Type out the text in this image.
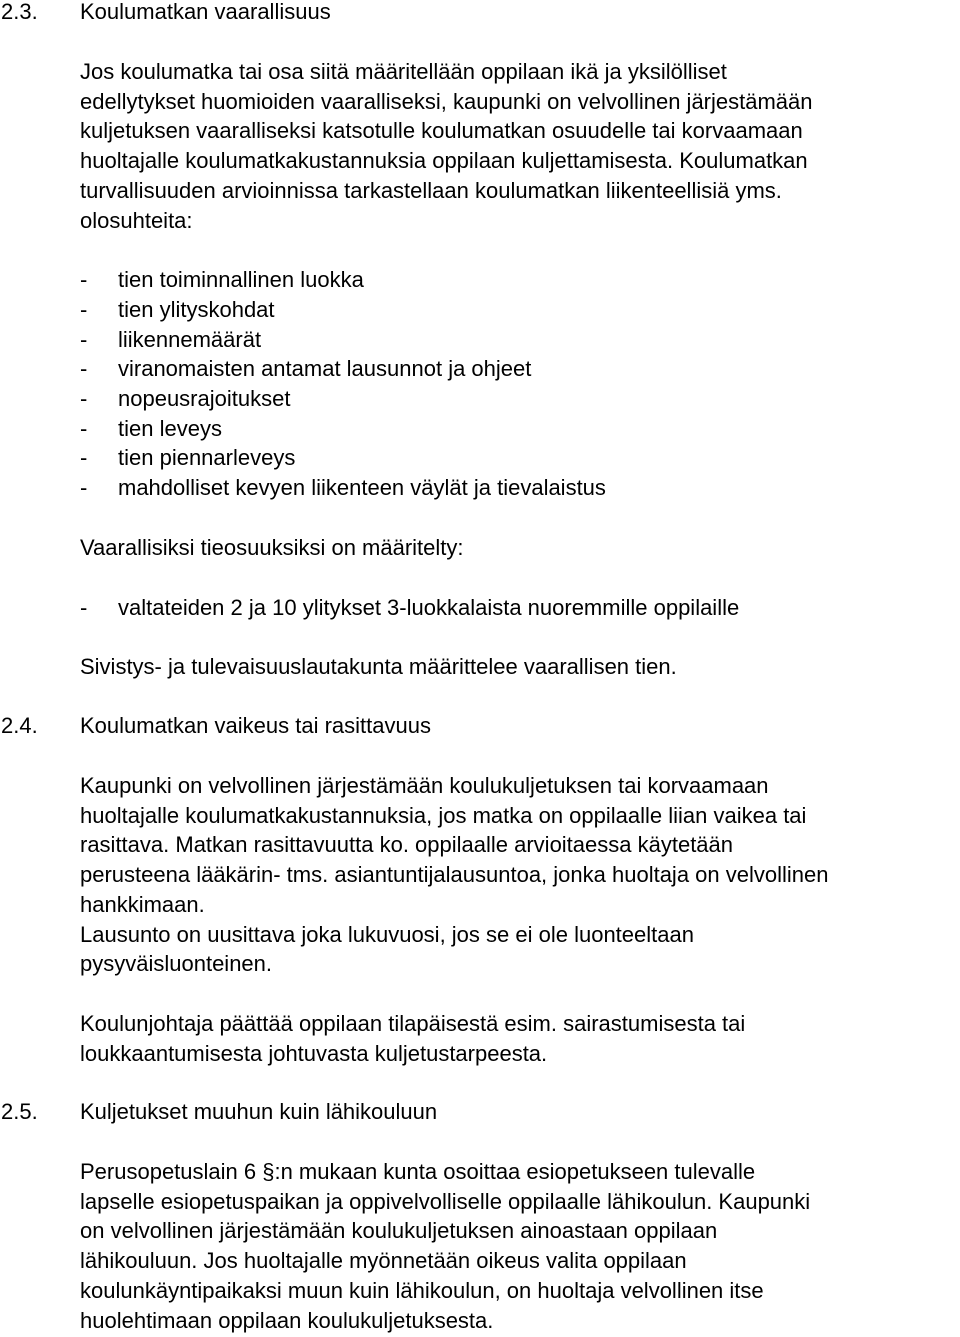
2.3. Koulumatkan vaarallisuus

Jos koulumatka tai osa siitä määritellään oppilaan ikä ja yksilölliset
edellytykset huomioiden vaaralliseksi, kaupunki on velvollinen järjestämään
kuljetuksen vaaralliseksi katsotulle koulumatkan osuudelle tai korvaamaan
huoltajalle koulumatkakustannuksia oppilaan kuljettamisesta. Koulumatkan
turvallisuuden arvioinnissa tarkastellaan koulumatkan liikenteellisiä yms.
olosuhteita:

- tien toiminnallinen luokka
- tien ylityskohdat
- liikennemäärät
- viranomaisten antamat lausunnot ja ohjeet
- nopeusrajoitukset
- tien leveys
- tien piennarleveys
- mahdolliset kevyen liikenteen väylät ja tievalaistus

Vaarallisiksi tieosuuksiksi on määritelty:

- valtateiden 2 ja 10 ylitykset 3-luokkalaista nuoremmille oppilaille

Sivistys- ja tulevaisuuslautakunta määrittelee vaarallisen tien.

2.4. Koulumatkan vaikeus tai rasittavuus

Kaupunki on velvollinen järjestämään koulukuljetuksen tai korvaamaan
huoltajalle koulumatkakustannuksia, jos matka on oppilaalle liian vaikea tai
rasittava. Matkan rasittavuutta ko. oppilaalle arvioitaessa käytetään
perusteena lääkärin- tms. asiantuntijalausuntoa, jonka huoltaja on velvollinen
hankkimaan.
Lausunto on uusittava joka lukuvuosi, jos se ei ole luonteeltaan
pysyväisluonteinen.

Koulunjohtaja päättää oppilaan tilapäisestä esim. sairastumisesta tai
loukkaantumisesta johtuvasta kuljetustarpeesta.

2.5. Kuljetukset muuhun kuin lähikouluun

Perusopetuslain 6 §:n mukaan kunta osoittaa esiopetukseen tulevalle
lapselle esiopetuspaikan ja oppivelvolliselle oppilaalle lähikoulun. Kaupunki
on velvollinen järjestämään koulukuljetuksen ainoastaan oppilaan
lähikouluun. Jos huoltajalle myönnetään oikeus valita oppilaan
koulunkäyntipaikaksi muun kuin lähikoulun, on huoltaja velvollinen itse
huolehtimaan oppilaan koulukuljetuksesta.
